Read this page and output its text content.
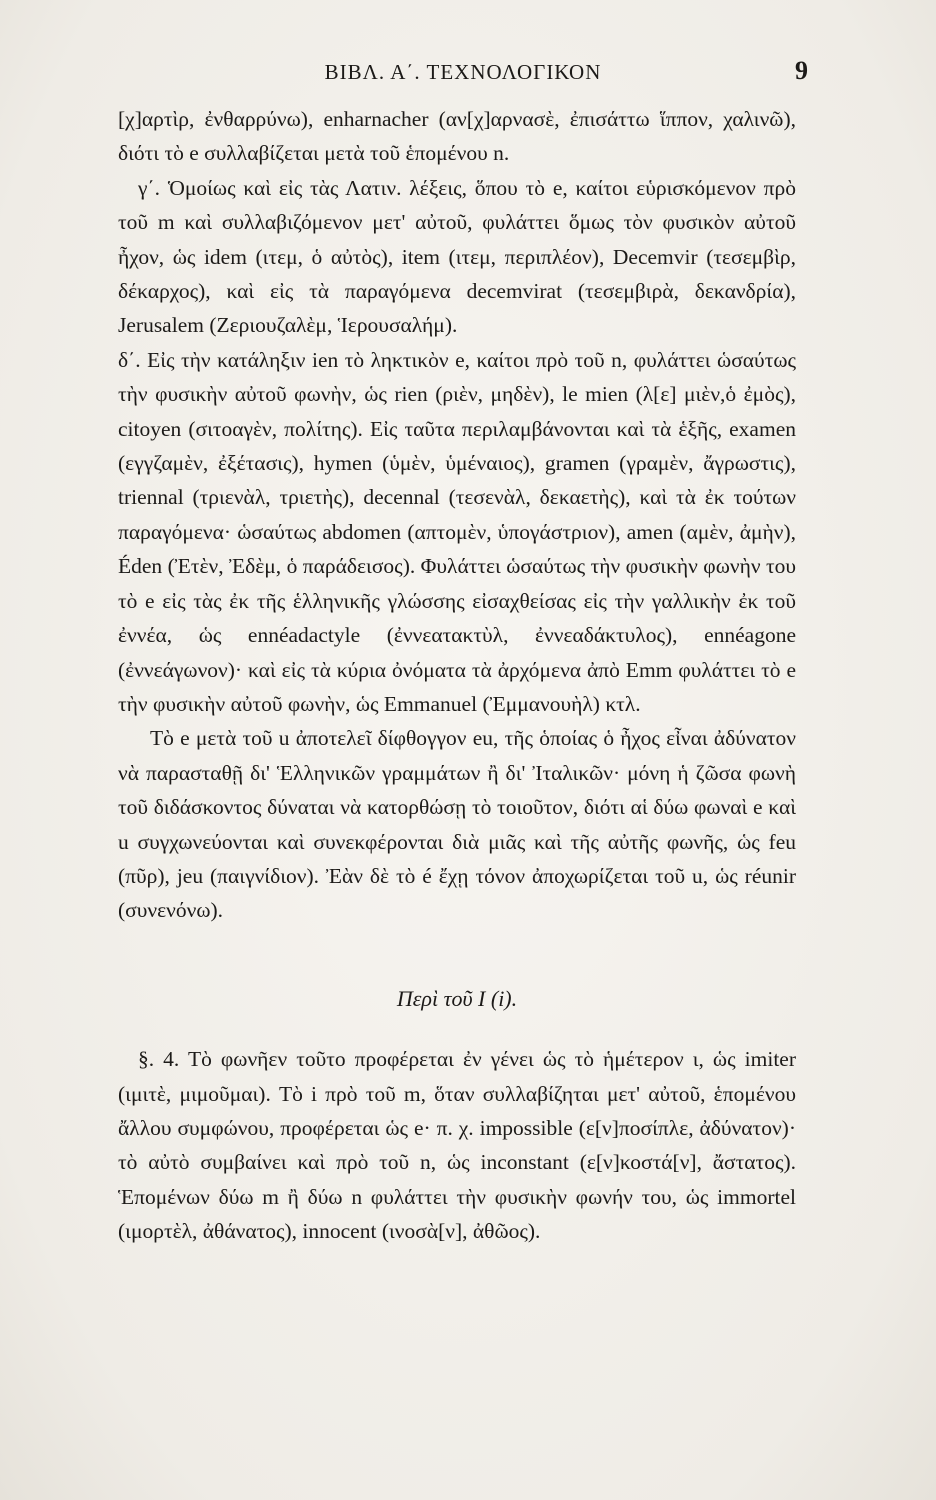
ΒΙΒΛ. Α΄. ΤΕΧΝΟΛΟΓΙΚΟΝ	9

[χ]αρτὶρ, ἐνθαρρύνω), enharnacher (αν[χ]αρνασὲ, ἐπισάττω ἵππον, χαλινῶ), διότι τὸ e συλλαβίζεται μετὰ τοῦ ἑπομένου n.

γ΄. Ὁμοίως καὶ εἰς τὰς Λατιν. λέξεις, ὅπου τὸ e, καίτοι εὑρισκόμενον πρὸ τοῦ m καὶ συλλαβιζόμενον μετ' αὐτοῦ, φυλάττει ὅμως τὸν φυσικὸν αὐτοῦ ἦχον, ὡς idem (ιτεμ, ὁ αὐτὸς), item (ιτεμ, περιπλέον), Decemvir (τεσεμβὶρ, δέκαρχος), καὶ εἰς τὰ παραγόμενα decemvirat (τεσεμβιρὰ, δεκανδρία), Jerusalem (Ζεριουζαλὲμ, Ἱερουσαλήμ).

δ΄. Εἰς τὴν κατάληξιν ien τὸ ληκτικὸν e, καίτοι πρὸ τοῦ n, φυλάττει ὡσαύτως τὴν φυσικὴν αὐτοῦ φωνὴν, ὡς rien (ριὲν, μηδὲν), le mien (λ[ε] μιὲν,ὁ ἐμὸς), citoyen (σιτοαγὲν, πολίτης). Εἰς ταῦτα περιλαμβάνονται καὶ τὰ ἑξῆς, examen (εγγζαμὲν, ἐξέτασις), hymen (ὑμὲν, ὑμέναιος), gramen (γραμὲν, ἄγρωστις), triennal (τριενὰλ, τριετὴς), decennal (τεσενὰλ, δεκαετὴς), καὶ τὰ ἐκ τούτων παραγόμενα· ὡσαύτως abdomen (απτομὲν, ὑπογάστριον), amen (αμὲν, ἀμὴν), Éden (Ἐτὲν, Ἐδὲμ, ὁ παράδεισος). Φυλάττει ὡσαύτως τὴν φυσικὴν φωνὴν του τὸ e εἰς τὰς ἐκ τῆς ἑλληνικῆς γλώσσης εἰσαχθείσας εἰς τὴν γαλλικὴν ἐκ τοῦ ἐννέα, ὡς ennéadactyle (ἐννεατακτὺλ, ἐννεαδάκτυλος), ennéagone (ἐννεάγωνον)· καὶ εἰς τὰ κύρια ὀνόματα τὰ ἀρχόμενα ἀπὸ Emm φυλάττει τὸ e τὴν φυσικὴν αὐτοῦ φωνὴν, ὡς Emmanuel (Ἐμμανουὴλ) κτλ.

Τὸ e μετὰ τοῦ u ἀποτελεῖ δίφθογγον eu, τῆς ὁποίας ὁ ἦχος εἶναι ἀδύνατον νὰ παρασταθῇ δι' Ἑλληνικῶν γραμμάτων ἢ δι' Ἰταλικῶν· μόνη ἡ ζῶσα φωνὴ τοῦ διδάσκοντος δύναται νὰ κατορθώσῃ τὸ τοιοῦτον, διότι αἱ δύω φωναὶ e καὶ u συγχωνεύονται καὶ συνεκφέρονται διὰ μιᾶς καὶ τῆς αὐτῆς φωνῆς, ὡς feu (πῦρ), jeu (παιγνίδιον). Ἐὰν δὲ τὸ é ἔχῃ τόνον ἀποχωρίζεται τοῦ u, ὡς réunir (συνενόνω).

Περὶ τοῦ I (i).

§. 4. Τὸ φωνῆεν τοῦτο προφέρεται ἐν γένει ὡς τὸ ἡμέτερον ι, ὡς imiter (ιμιτὲ, μιμοῦμαι). Τὸ i πρὸ τοῦ m, ὅταν συλλαβίζηται μετ' αὐτοῦ, ἑπομένου ἄλλου συμφώνου, προφέρεται ὡς e· π. χ. impossible (ε[ν]ποσίπλε, ἀδύνατον)· τὸ αὐτὸ συμβαίνει καὶ πρὸ τοῦ n, ὡς inconstant (ε[ν]κοστά[ν], ἄστατος). Ἑπομένων δύω m ἢ δύω n φυλάττει τὴν φυσικὴν φωνήν του, ὡς immortel (ιμορτὲλ, ἀθάνατος), innocent (ινοσὰ[ν], ἀθῶος).
